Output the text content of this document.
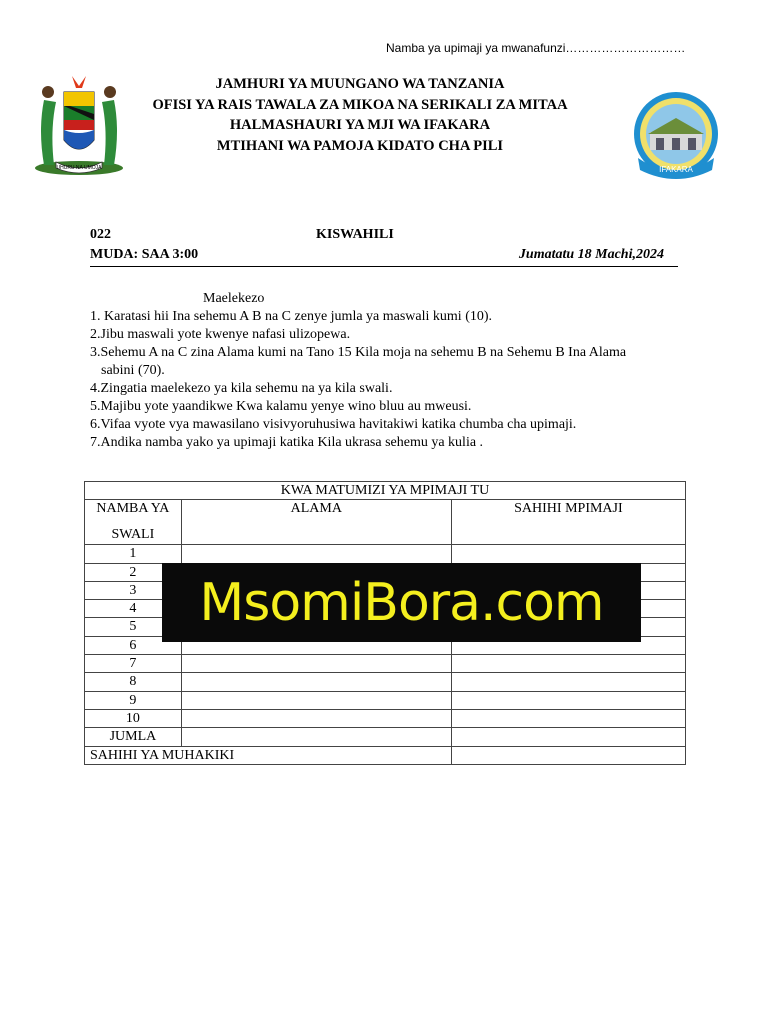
Namba ya upimaji ya mwanafunzi…………………………
UHURU NA UMOJA
JAMHURI YA MUUNGANO WA TANZANIA
OFISI YA RAIS TAWALA ZA MIKOA NA SERIKALI ZA MITAA
HALMASHAURI YA MJI WA IFAKARA
MTIHANI WA PAMOJA KIDATO CHA PILI
IFAKARA
022	KISWAHILI
MUDA: SAA 3:00	Jumatatu 18 Machi,2024
Maelekezo
1. Karatasi hii Ina sehemu A B na C zenye jumla ya maswali kumi (10).
2.Jibu maswali yote kwenye nafasi ulizopewa.
3.Sehemu A na C zina Alama kumi na Tano 15 Kila moja na sehemu B na Sehemu B Ina Alama
sabini (70).
4.Zingatia maelekezo ya kila sehemu na ya kila swali.
5.Majibu yote yaandikwe Kwa kalamu yenye wino bluu au mweusi.
6.Vifaa vyote vya mawasilano visivyoruhusiwa havitakiwi katika chumba cha upimaji.
7.Andika namba yako ya upimaji katika Kila ukrasa sehemu ya kulia .
KWA MATUMIZI YA MPIMAJI TU		

NAMBA YA
SWALI	ALAMA	SAHIHI MPIMAJI
1		
2		
3		
4		
5		
6		
7		
8		
9		
10		
JUMLA		
SAHIHI YA MUHAKIKI		
MsomiBora.com
